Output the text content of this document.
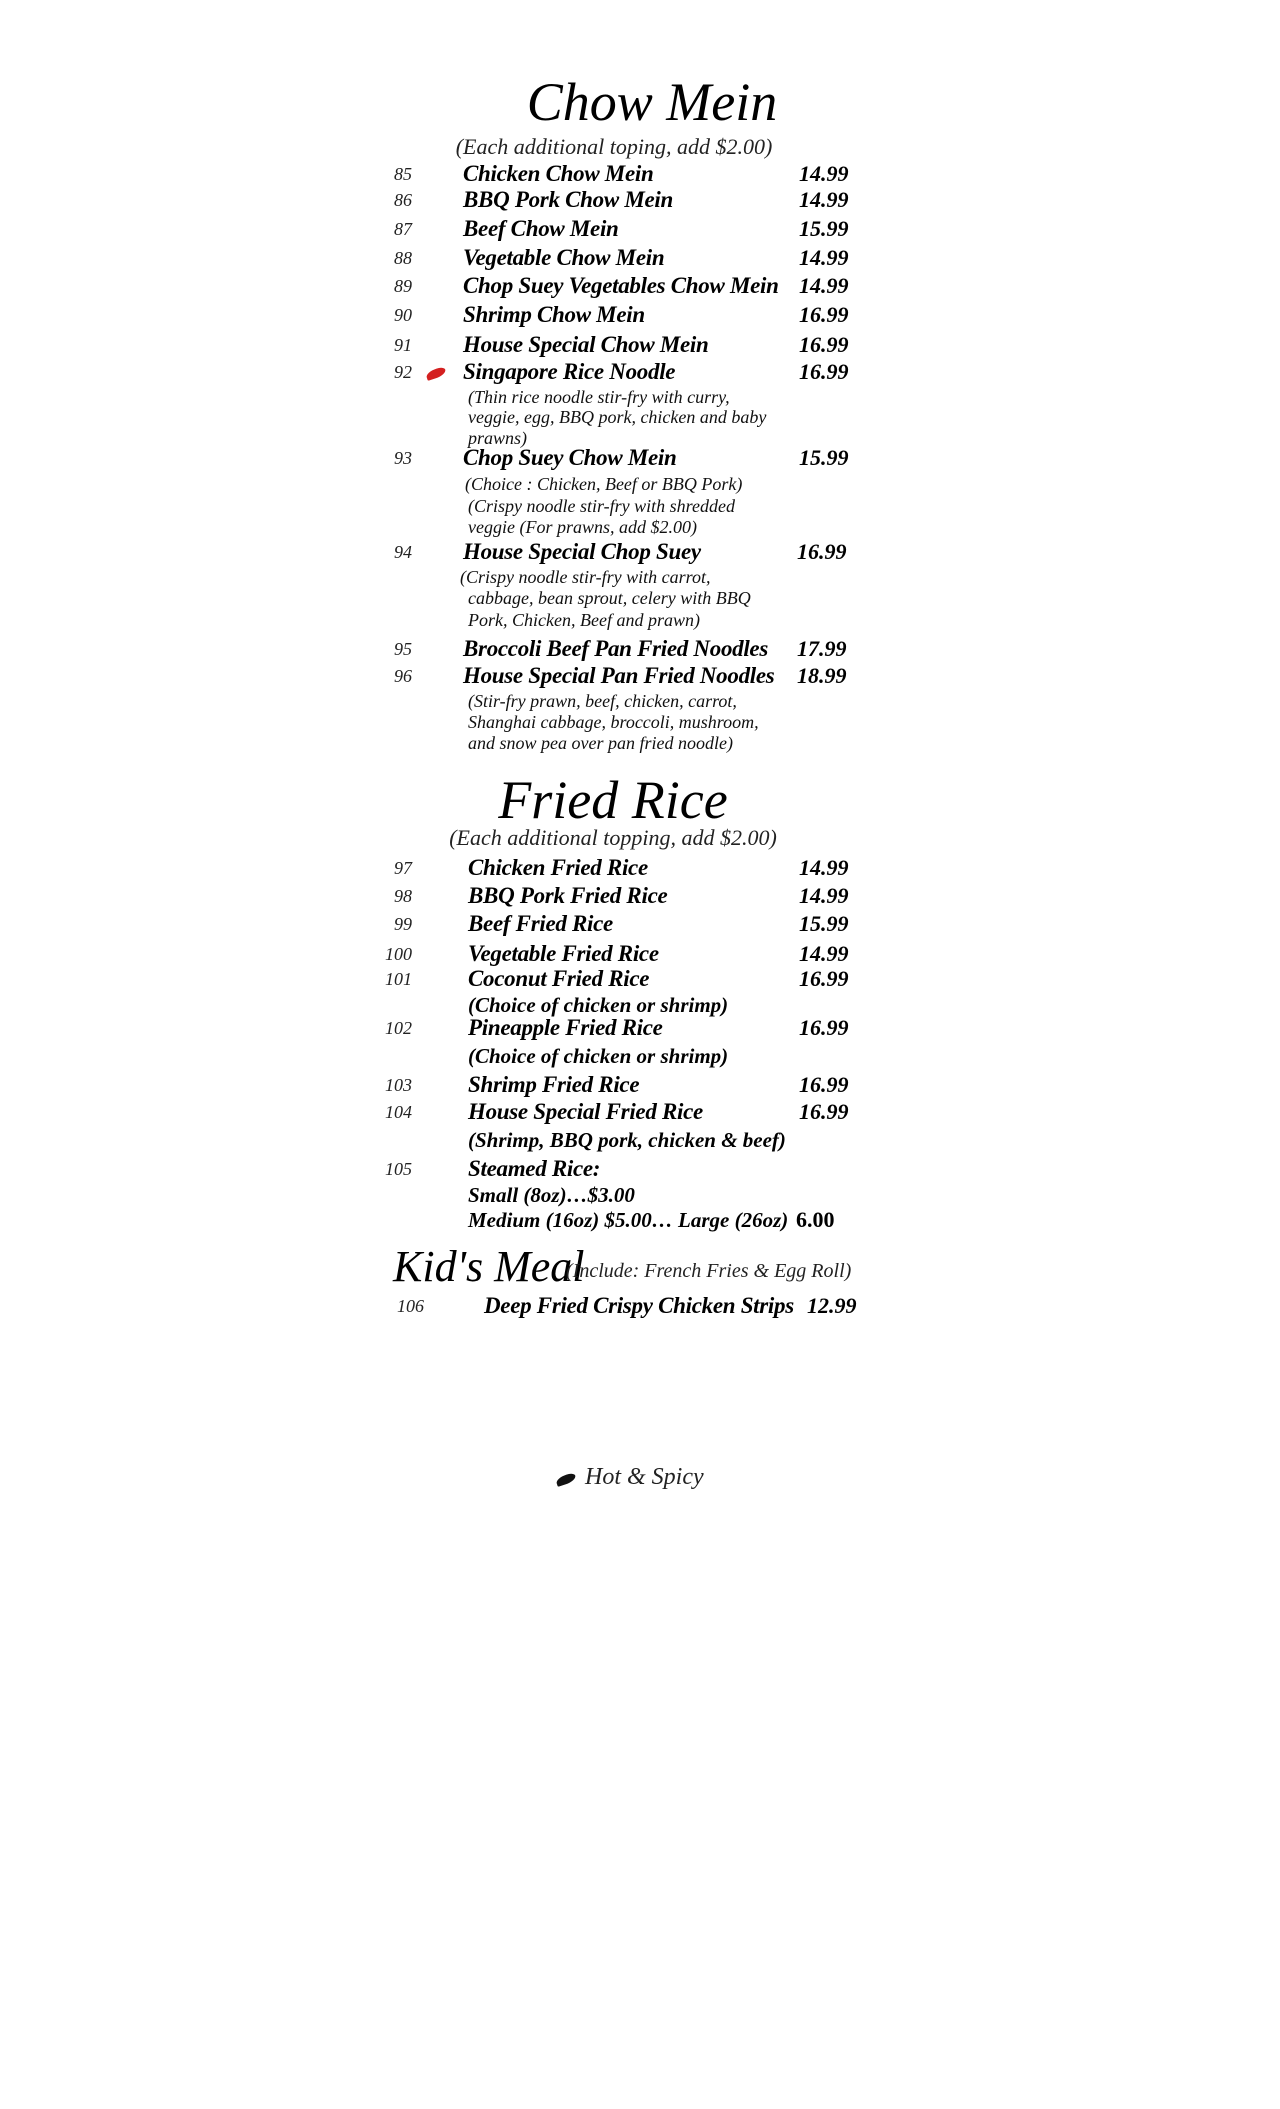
Chow Mein
(Each additional toping, add $2.00)
85 Chicken Chow Mein	14.99
86 BBQ Pork Chow Mein	14.99
87 Beef Chow Mein	15.99
88 Vegetable Chow Mein	14.99
89 Chop Suey Vegetables Chow Mein 14.99
90 Shrimp Chow Mein	16.99
91 House Special Chow Mein	16.99
92 Singapore Rice Noodle	16.99
(Thin rice noodle stir-fry with curry,
veggie, egg, BBQ pork, chicken and baby
prawns)
93 Chop Suey Chow Mein	15.99
(Choice : Chicken, Beef or BBQ Pork)
(Crispy noodle stir-fry with shredded
veggie (For prawns, add $2.00)
94 House Special Chop Suey	16.99
(Crispy noodle stir-fry with carrot,
cabbage, bean sprout, celery with BBQ
Pork, Chicken, Beef and prawn)
95 Broccoli Beef Pan Fried Noodles 17.99
96 House Special Pan Fried Noodles 18.99
(Stir-fry prawn, beef, chicken, carrot,
Shanghai cabbage, broccoli, mushroom,
and snow pea over pan fried noodle)
Fried Rice
(Each additional topping, add $2.00)
97 Chicken Fried Rice	14.99
98 BBQ Pork Fried Rice	14.99
99 Beef Fried Rice	15.99
100 Vegetable Fried Rice	14.99
101 Coconut Fried Rice	16.99
(Choice of chicken or shrimp)
102 Pineapple Fried Rice	16.99
(Choice of chicken or shrimp)
103 Shrimp Fried Rice	16.99
104 House Special Fried Rice	16.99
(Shrimp, BBQ pork, chicken & beef)
105 Steamed Rice:
Small (8oz)…$3.00
Medium (16oz) $5.00… Large (26oz) 6.00
Kid's Meal
(Include: French Fries & Egg Roll)
106	Deep Fried Crispy Chicken Strips 12.99
Hot & Spicy
